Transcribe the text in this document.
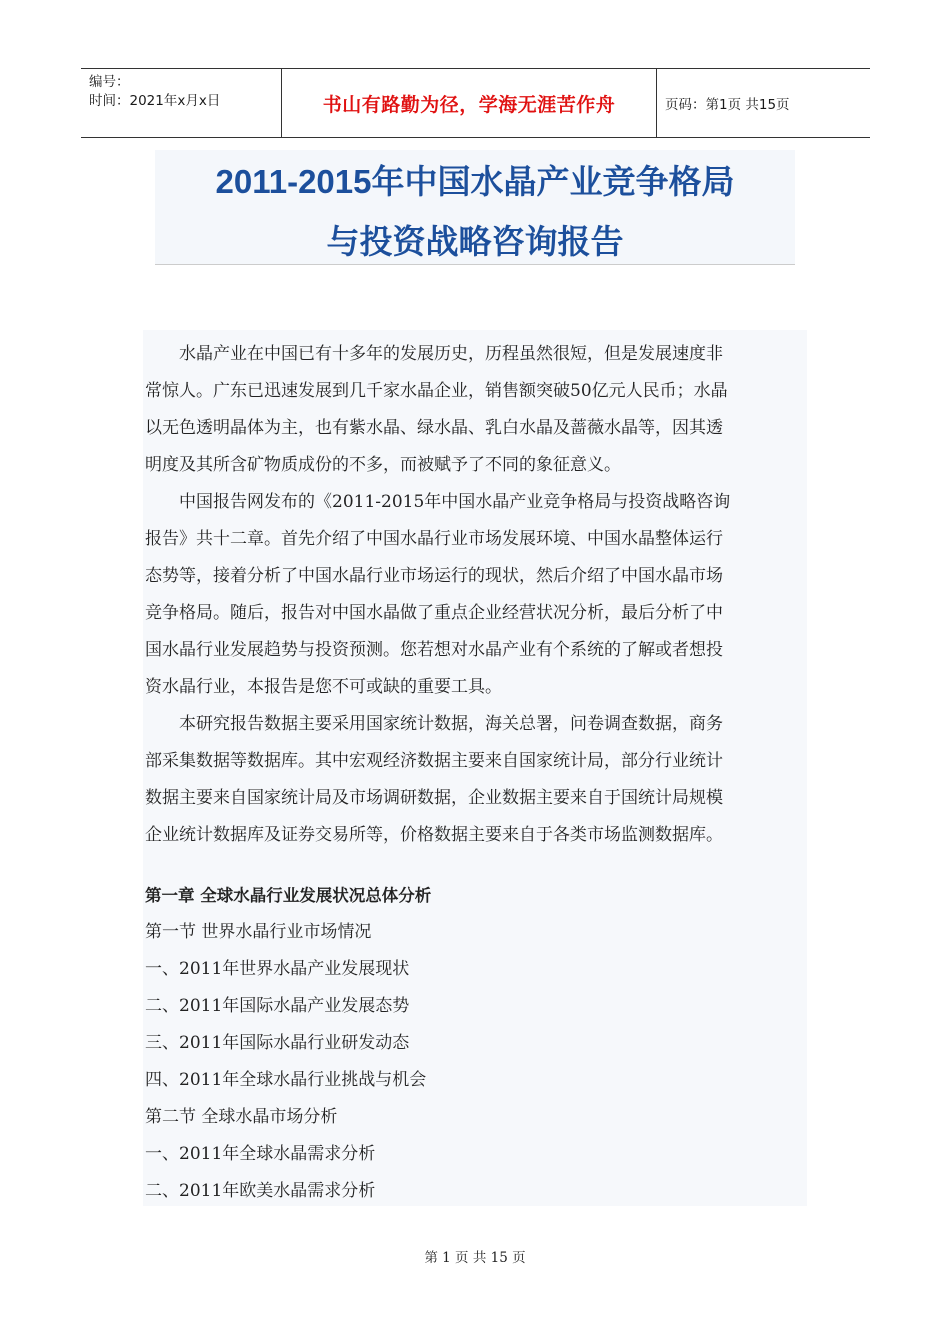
编号：
时间：2021年x月x日	书山有路勤为径，学海无涯苦作舟	页码：第1页 共15页

2011-2015年中国水晶产业竞争格局

与投资战略咨询报告

　　水晶产业在中国已有十多年的发展历史，历程虽然很短，但是发展速度非
常惊人。广东已迅速发展到几千家水晶企业，销售额突破50亿元人民币；水晶
以无色透明晶体为主，也有紫水晶、绿水晶、乳白水晶及蔷薇水晶等，因其透
明度及其所含矿物质成份的不多，而被赋予了不同的象征意义。
　　中国报告网发布的《2011-2015年中国水晶产业竞争格局与投资战略咨询
报告》共十二章。首先介绍了中国水晶行业市场发展环境、中国水晶整体运行
态势等，接着分析了中国水晶行业市场运行的现状，然后介绍了中国水晶市场
竞争格局。随后，报告对中国水晶做了重点企业经营状况分析，最后分析了中
国水晶行业发展趋势与投资预测。您若想对水晶产业有个系统的了解或者想投
资水晶行业，本报告是您不可或缺的重要工具。
　　本研究报告数据主要采用国家统计数据，海关总署，问卷调查数据，商务
部采集数据等数据库。其中宏观经济数据主要来自国家统计局，部分行业统计
数据主要来自国家统计局及市场调研数据，企业数据主要来自于国统计局规模
企业统计数据库及证券交易所等，价格数据主要来自于各类市场监测数据库。
第一章 全球水晶行业发展状况总体分析
第一节 世界水晶行业市场情况
一、2011年世界水晶产业发展现状
二、2011年国际水晶产业发展态势
三、2011年国际水晶行业研发动态
四、2011年全球水晶行业挑战与机会
第二节 全球水晶市场分析
一、2011年全球水晶需求分析
二、2011年欧美水晶需求分析
第 1 页 共 15 页
